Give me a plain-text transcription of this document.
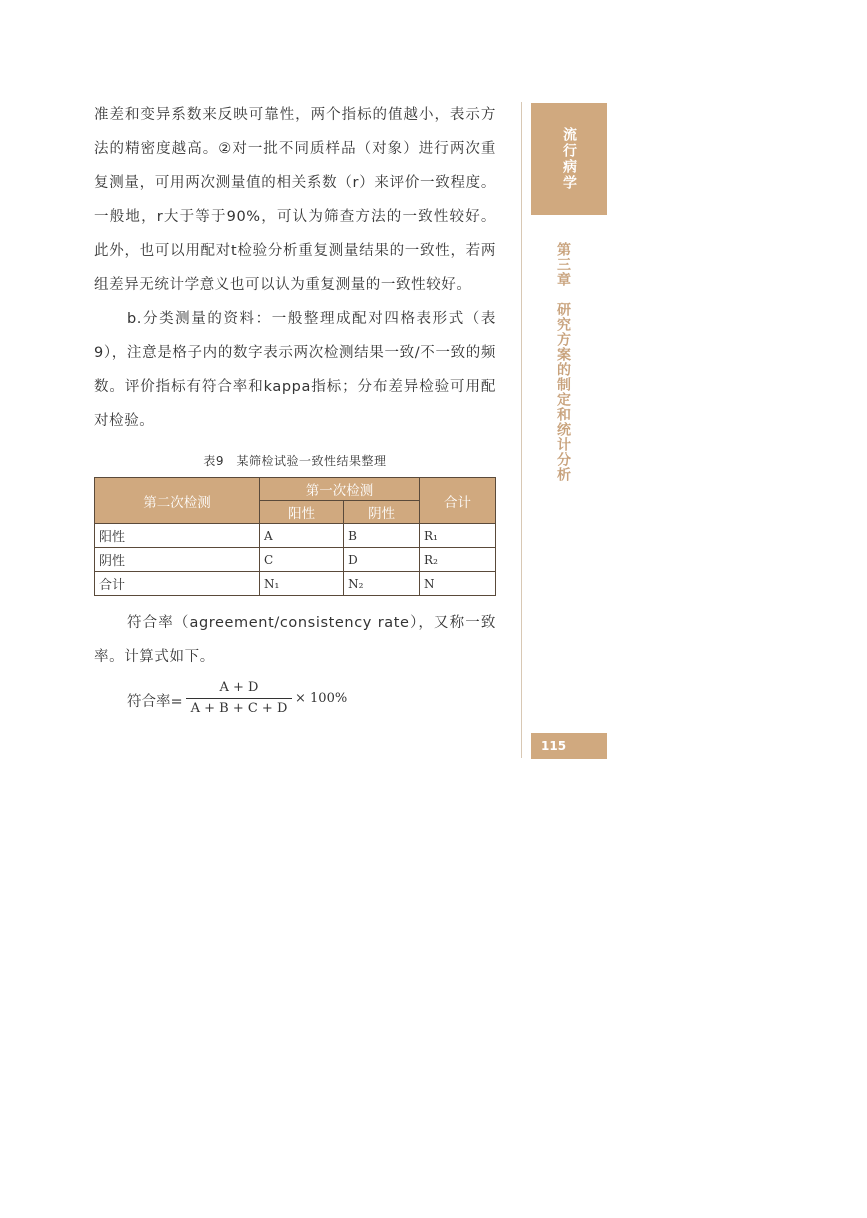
准差和变异系数来反映可靠性，两个指标的值越小，表示方法的精密度越高。②对一批不同质样品（对象）进行两次重复测量，可用两次测量值的相关系数（r）来评价一致程度。一般地，r大于等于90%，可认为筛查方法的一致性较好。此外，也可以用配对t检验分析重复测量结果的一致性，若两组差异无统计学意义也可以认为重复测量的一致性较好。

b.分类测量的资料：一般整理成配对四格表形式（表9），注意是格子内的数字表示两次检测结果一致/不一致的频数。评价指标有符合率和kappa指标；分布差异检验可用配对检验。

表9　某筛检试验一致性结果整理
第二次检测	第一次检测		合计
	阳性	阴性	
阳性	A	B	R₁
阴性	C	D	R₂
合计	N₁	N₂	N

符合率（agreement/consistency rate），又称一致率。计算式如下。

符合率=
A + D
A + B + C + D
× 100%
流行病学
第三章　研究方案的制定和统计分析
115
